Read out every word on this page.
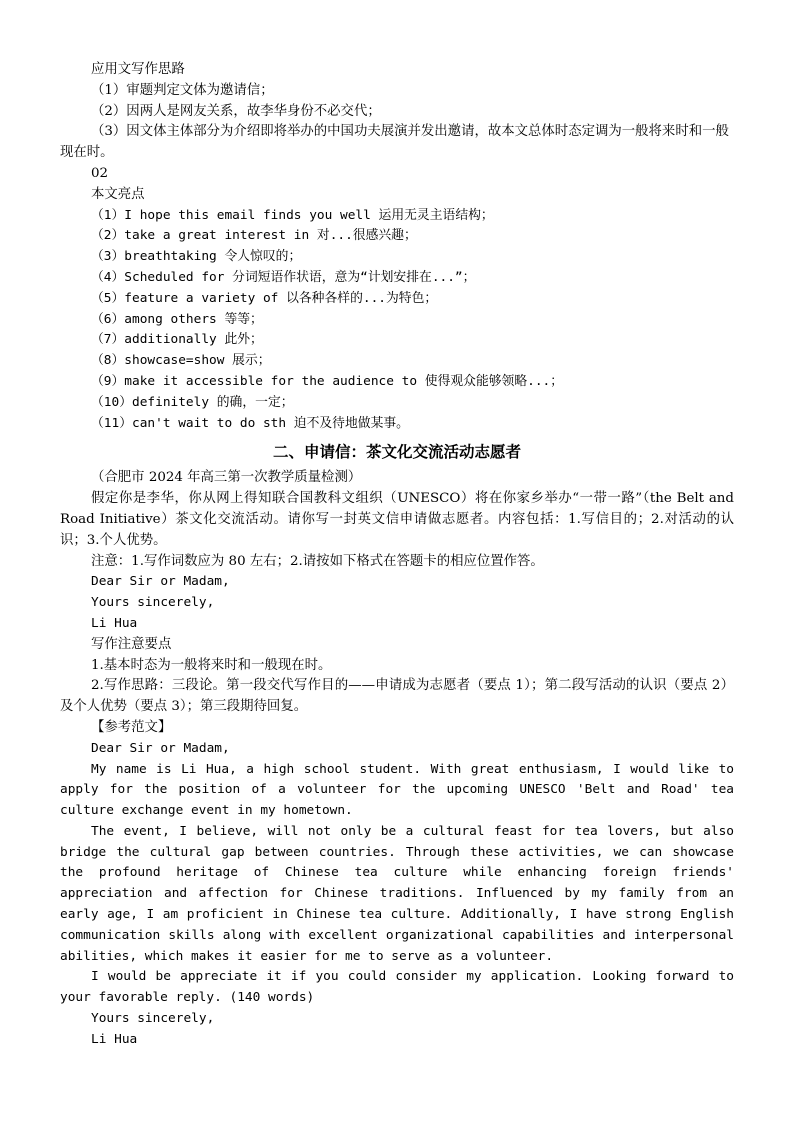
应用文写作思路
（1）审题判定文体为邀请信；
（2）因两人是网友关系，故李华身份不必交代；
（3）因文体主体部分为介绍即将举办的中国功夫展演并发出邀请，故本文总体时态定调为一般将来时和一般现在时。
02
本文亮点
（1）I hope this email finds you well 运用无灵主语结构；
（2）take a great interest in 对...很感兴趣；
（3）breathtaking 令人惊叹的；
（4）Scheduled for 分词短语作状语，意为“计划安排在...”；
（5）feature a variety of 以各种各样的...为特色；
（6）among others 等等；
（7）additionally 此外；
（8）showcase=show 展示；
（9）make it accessible for the audience to 使得观众能够领略...；
（10）definitely 的确，一定；
（11）can't wait to do sth 迫不及待地做某事。
二、申请信：茶文化交流活动志愿者
（合肥市 2024 年高三第一次教学质量检测）
假定你是李华，你从网上得知联合国教科文组织（UNESCO）将在你家乡举办“一带一路”（the Belt and Road Initiative）茶文化交流活动。请你写一封英文信申请做志愿者。内容包括：1.写信目的；2.对活动的认识；3.个人优势。
注意：1.写作词数应为 80 左右；2.请按如下格式在答题卡的相应位置作答。
Dear Sir or Madam,
Yours sincerely,
Li Hua
写作注意要点
1.基本时态为一般将来时和一般现在时。
2.写作思路：三段论。第一段交代写作目的——申请成为志愿者（要点 1）；第二段写活动的认识（要点 2）及个人优势（要点 3）；第三段期待回复。
【参考范文】
Dear Sir or Madam,
My name is Li Hua, a high school student. With great enthusiasm, I would like to apply for the position of a volunteer for the upcoming UNESCO 'Belt and Road' tea culture exchange event in my hometown.
The event, I believe, will not only be a cultural feast for tea lovers, but also bridge the cultural gap between countries. Through these activities, we can showcase the profound heritage of Chinese tea culture while enhancing foreign friends' appreciation and affection for Chinese traditions. Influenced by my family from an early age, I am proficient in Chinese tea culture. Additionally, I have strong English communication skills along with excellent organizational capabilities and interpersonal abilities, which makes it easier for me to serve as a volunteer.
I would be appreciate it if you could consider my application. Looking forward to your favorable reply. (140 words)
Yours sincerely,
Li Hua
